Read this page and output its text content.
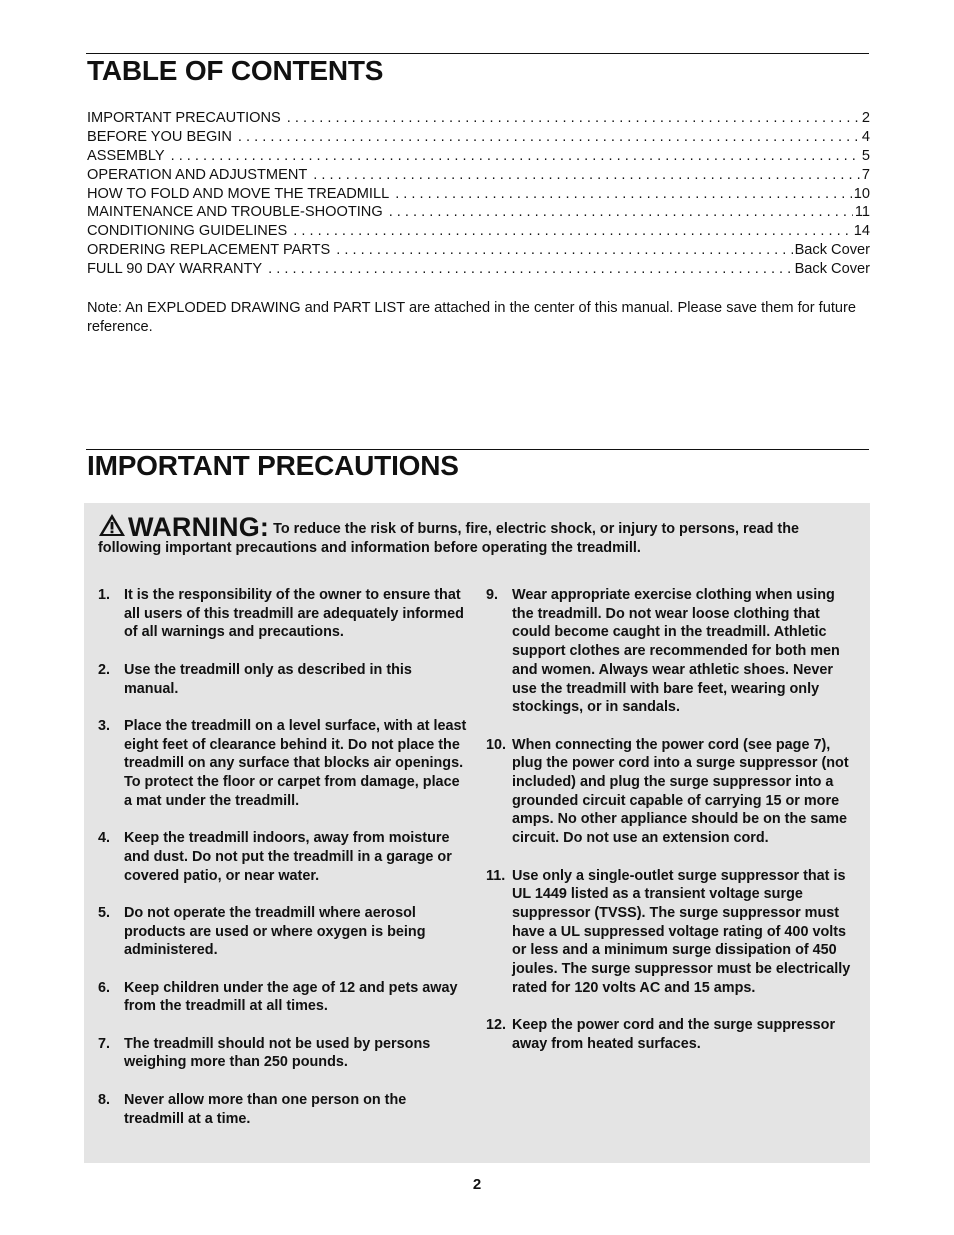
TABLE OF CONTENTS
IMPORTANT PRECAUTIONS . . .	2
BEFORE YOU BEGIN . . .	4
ASSEMBLY . . .	5
OPERATION AND ADJUSTMENT . . .	7
HOW TO FOLD AND MOVE THE TREADMILL . . .	10
MAINTENANCE AND TROUBLE-SHOOTING . . .	11
CONDITIONING GUIDELINES . . .	14
ORDERING REPLACEMENT PARTS . . .	Back Cover
FULL 90 DAY WARRANTY . . .	Back Cover

Note: An EXPLODED DRAWING and PART LIST are attached in the center of this manual. Please save them for future reference.

IMPORTANT PRECAUTIONS
WARNING: To reduce the risk of burns, fire, electric shock, or injury to persons, read the following important precautions and information before operating the treadmill.
1. It is the responsibility of the owner to ensure that all users of this treadmill are adequately informed of all warnings and precautions.
2. Use the treadmill only as described in this manual.
3. Place the treadmill on a level surface, with at least eight feet of clearance behind it. Do not place the treadmill on any surface that blocks air openings. To protect the floor or carpet from damage, place a mat under the treadmill.
4. Keep the treadmill indoors, away from moisture and dust. Do not put the treadmill in a garage or covered patio, or near water.
5. Do not operate the treadmill where aerosol products are used or where oxygen is being administered.
6. Keep children under the age of 12 and pets away from the treadmill at all times.
7. The treadmill should not be used by persons weighing more than 250 pounds.
8. Never allow more than one person on the treadmill at a time.
9. Wear appropriate exercise clothing when using the treadmill. Do not wear loose clothing that could become caught in the treadmill. Athletic support clothes are recommended for both men and women. Always wear athletic shoes. Never use the treadmill with bare feet, wearing only stockings, or in sandals.
10. When connecting the power cord (see page 7), plug the power cord into a surge suppressor (not included) and plug the surge suppressor into a grounded circuit capable of carrying 15 or more amps. No other appliance should be on the same circuit. Do not use an extension cord.
11. Use only a single-outlet surge suppressor that is UL 1449 listed as a transient voltage surge suppressor (TVSS). The surge suppressor must have a UL suppressed voltage rating of 400 volts or less and a minimum surge dissipation of 450 joules. The surge suppressor must be electrically rated for 120 volts AC and 15 amps.
12. Keep the power cord and the surge suppressor away from heated surfaces.
2
